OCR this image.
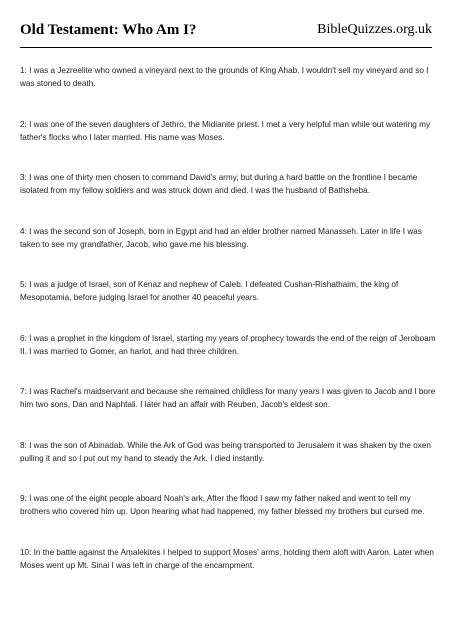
Old Testament: Who Am I?	BibleQuizzes.org.uk

1: I was a Jezreelite who owned a vineyard next to the grounds of King Ahab. I wouldn't sell my vineyard and so I was stoned to death.

2: I was one of the seven daughters of Jethro, the Midianite priest. I met a very helpful man while out watering my father's flocks who I later married. His name was Moses.

3: I was one of thirty men chosen to command David's army, but during a hard battle on the frontline I became isolated from my fellow soldiers and was struck down and died. I was the husband of Bathsheba.

4: I was the second son of Joseph, born in Egypt and had an elder brother named Manasseh. Later in life I was taken to see my grandfather, Jacob, who gave me his blessing.

5: I was a judge of Israel, son of Kenaz and nephew of Caleb. I defeated Cushan-Rishathaim, the king of Mesopotamia, before judging Israel for another 40 peaceful years.

6: I was a prophet in the kingdom of Israel, starting my years of prophecy towards the end of the reign of Jeroboam II. I was married to Gomer, an harlot, and had three children.

7: I was Rachel's maidservant and because she remained childless for many years I was given to Jacob and I bore him two sons, Dan and Naphtali. I later had an affair with Reuben, Jacob's eldest son.

8: I was the son of Abinadab. While the Ark of God was being transported to Jerusalem it was shaken by the oxen pulling it and so I put out my hand to steady the Ark. I died instantly.

9: I was one of the eight people aboard Noah's ark. After the flood I saw my father naked and went to tell my brothers who covered him up. Upon hearing what had happened, my father blessed my brothers but cursed me.

10: In the battle against the Amalekites I helped to support Moses' arms, holding them aloft with Aaron. Later when Moses went up Mt. Sinai I was left in charge of the encampment.
